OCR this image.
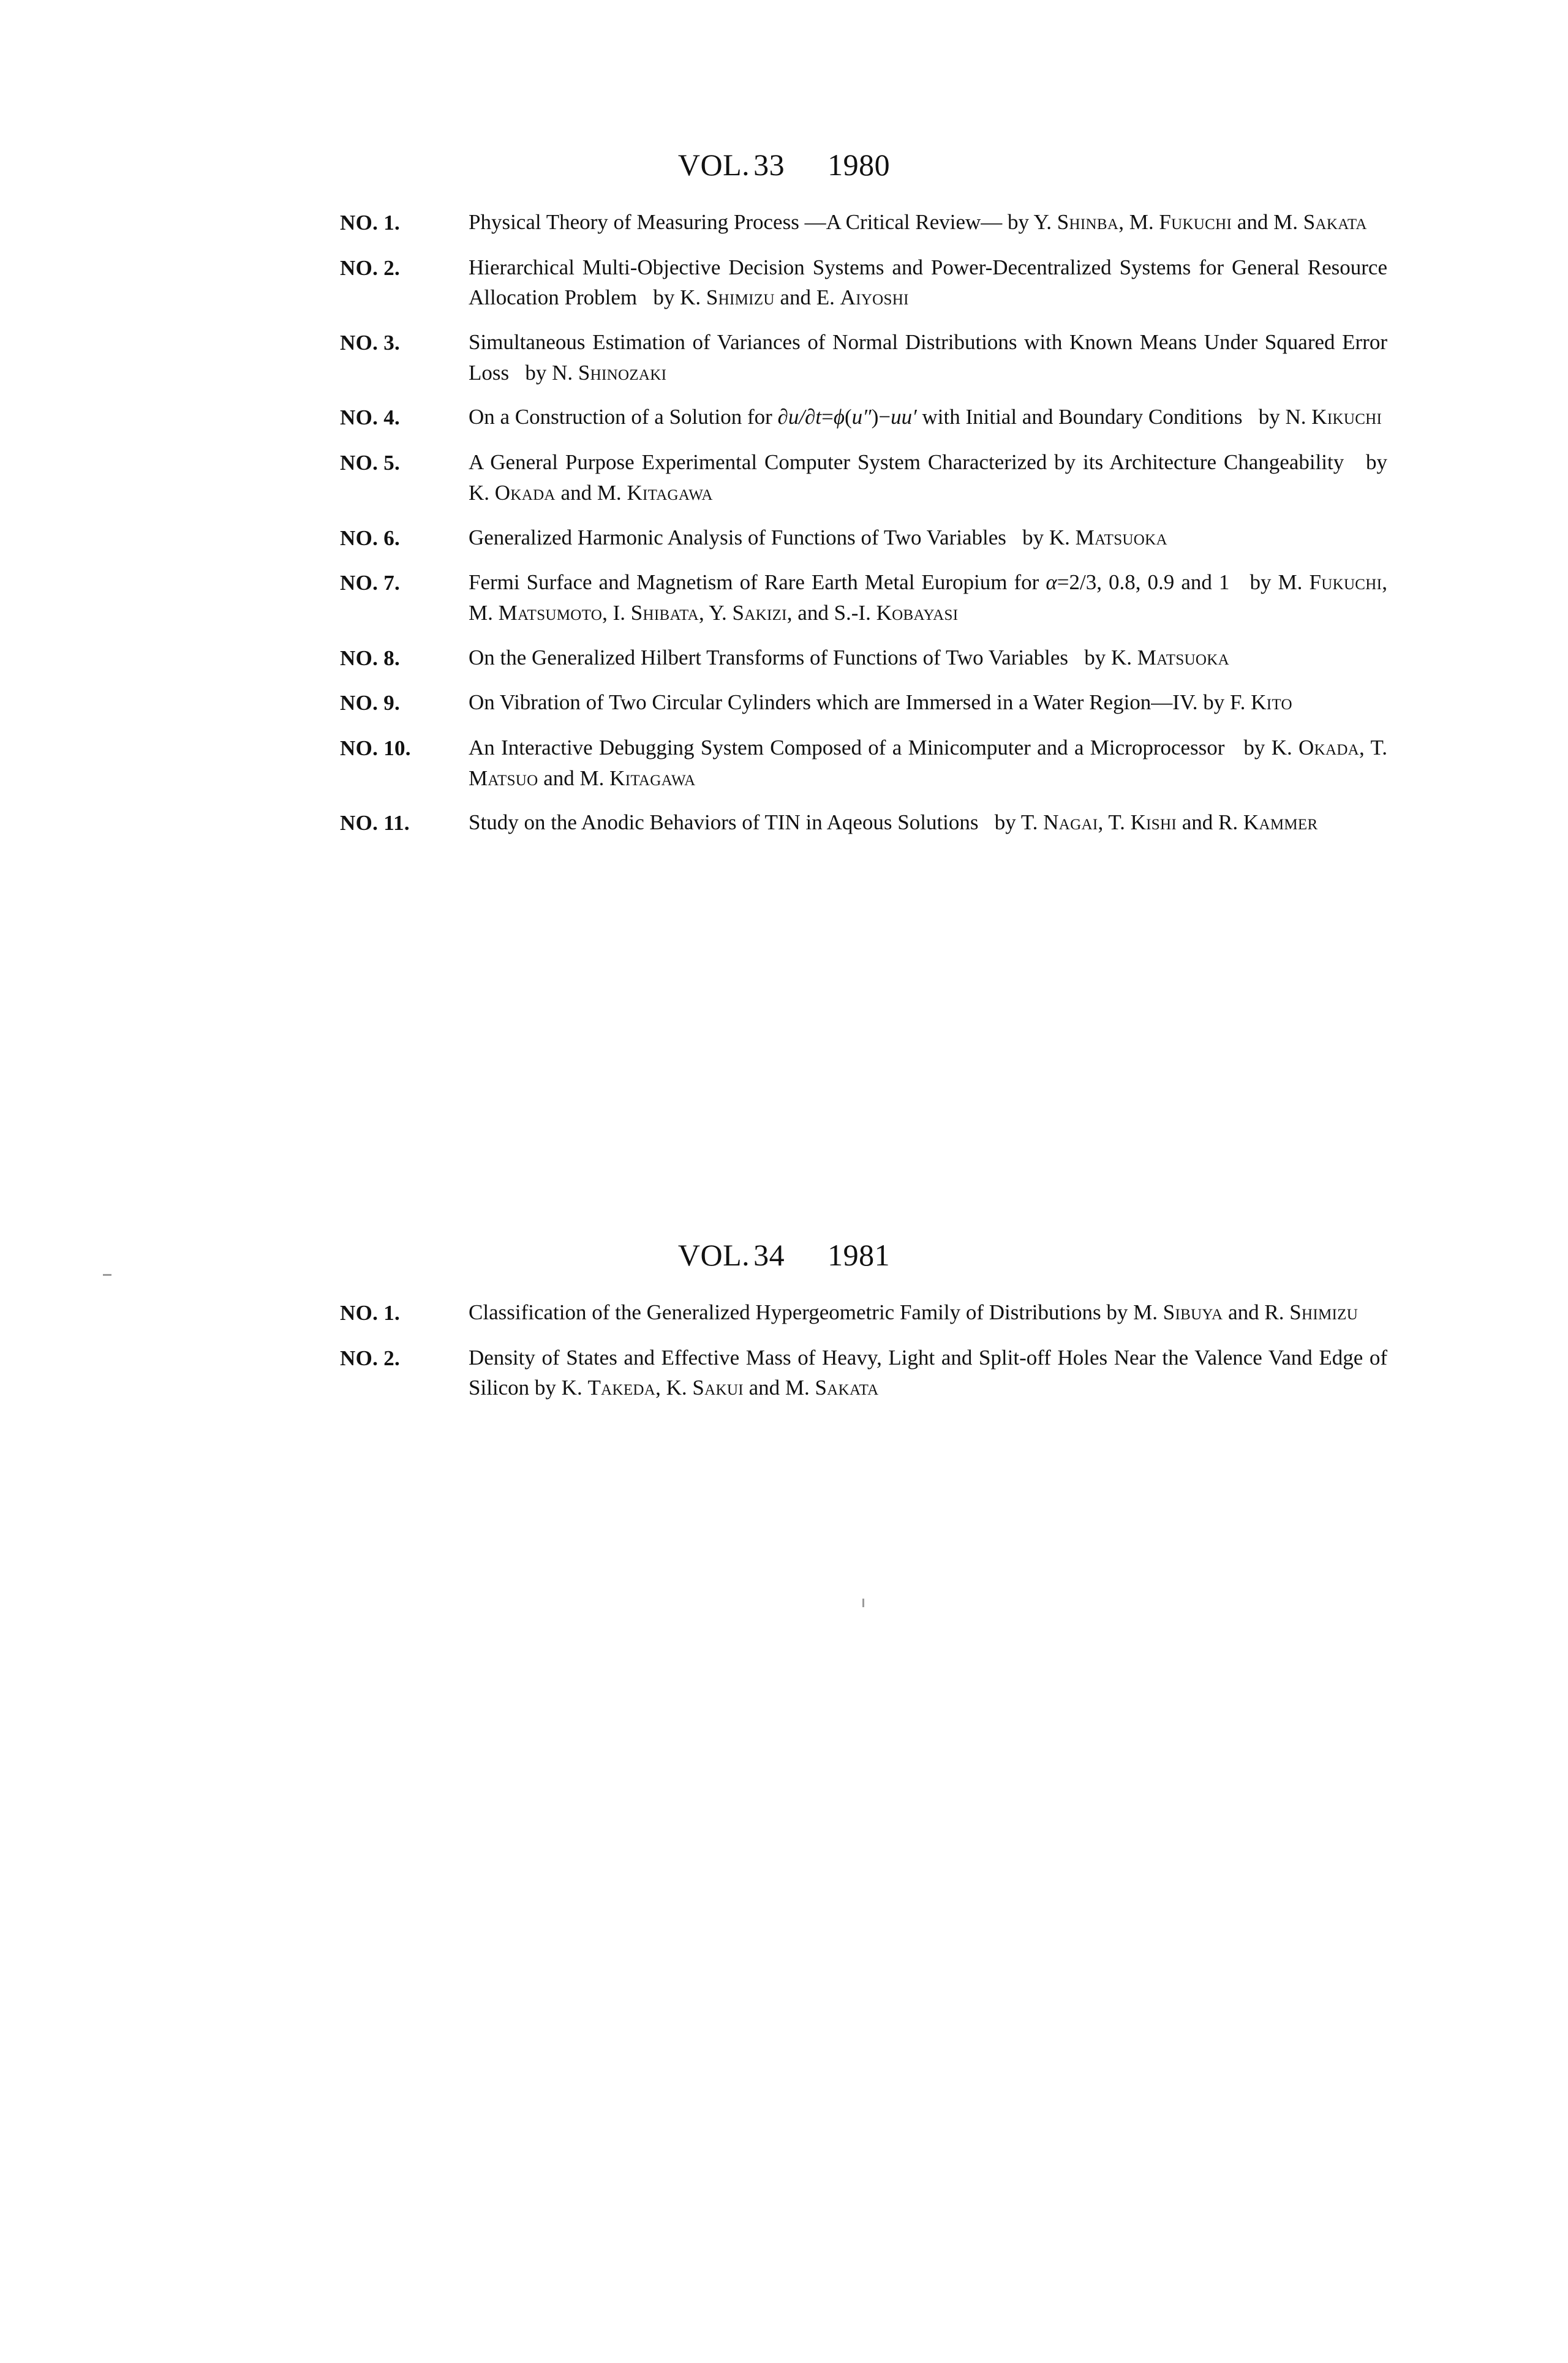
VOL. 33 1980
NO. 1.	Physical Theory of Measuring Process —A Critical Review— by Y. Shinba, M. Fukuchi and M. Sakata
NO. 2.	Hierarchical Multi-Objective Decision Systems and Power-Decentralized Systems for General Resource Allocation Problem   by K. Shimizu and E. Aiyoshi
NO. 3.	Simultaneous Estimation of Variances of Normal Distributions with Known Means Under Squared Error Loss   by N. Shinozaki
NO. 4.	On a Construction of a Solution for ∂u/∂t=ϕ(u″)−uu′ with Initial and Boundary Conditions   by N. Kikuchi
NO. 5.	A General Purpose Experimental Computer System Characterized by its Architecture Changeability   by K. Okada and M. Kitagawa
NO. 6.	Generalized Harmonic Analysis of Functions of Two Variables   by K. Matsuoka
NO. 7.	Fermi Surface and Magnetism of Rare Earth Metal Europium for α=2/3, 0.8, 0.9 and 1   by M. Fukuchi, M. Matsumoto, I. Shibata, Y. Sakizi, and S.-I. Kobayasi
NO. 8.	On the Generalized Hilbert Transforms of Functions of Two Variables   by K. Matsuoka
NO. 9.	On Vibration of Two Circular Cylinders which are Immersed in a Water Region—IV. by F. Kito
NO. 10.	An Interactive Debugging System Composed of a Minicomputer and a Microprocessor   by K. Okada, T. Matsuo and M. Kitagawa
NO. 11.	Study on the Anodic Behaviors of TIN in Aqeous Solutions   by T. Nagai, T. Kishi and R. Kammer
VOL. 34 1981
NO. 1.	Classification of the Generalized Hypergeometric Family of Distributions by M. Sibuya and R. Shimizu
NO. 2.	Density of States and Effective Mass of Heavy, Light and Split-off Holes Near the Valence Vand Edge of Silicon by K. Takeda, K. Sakui and M. Sakata
